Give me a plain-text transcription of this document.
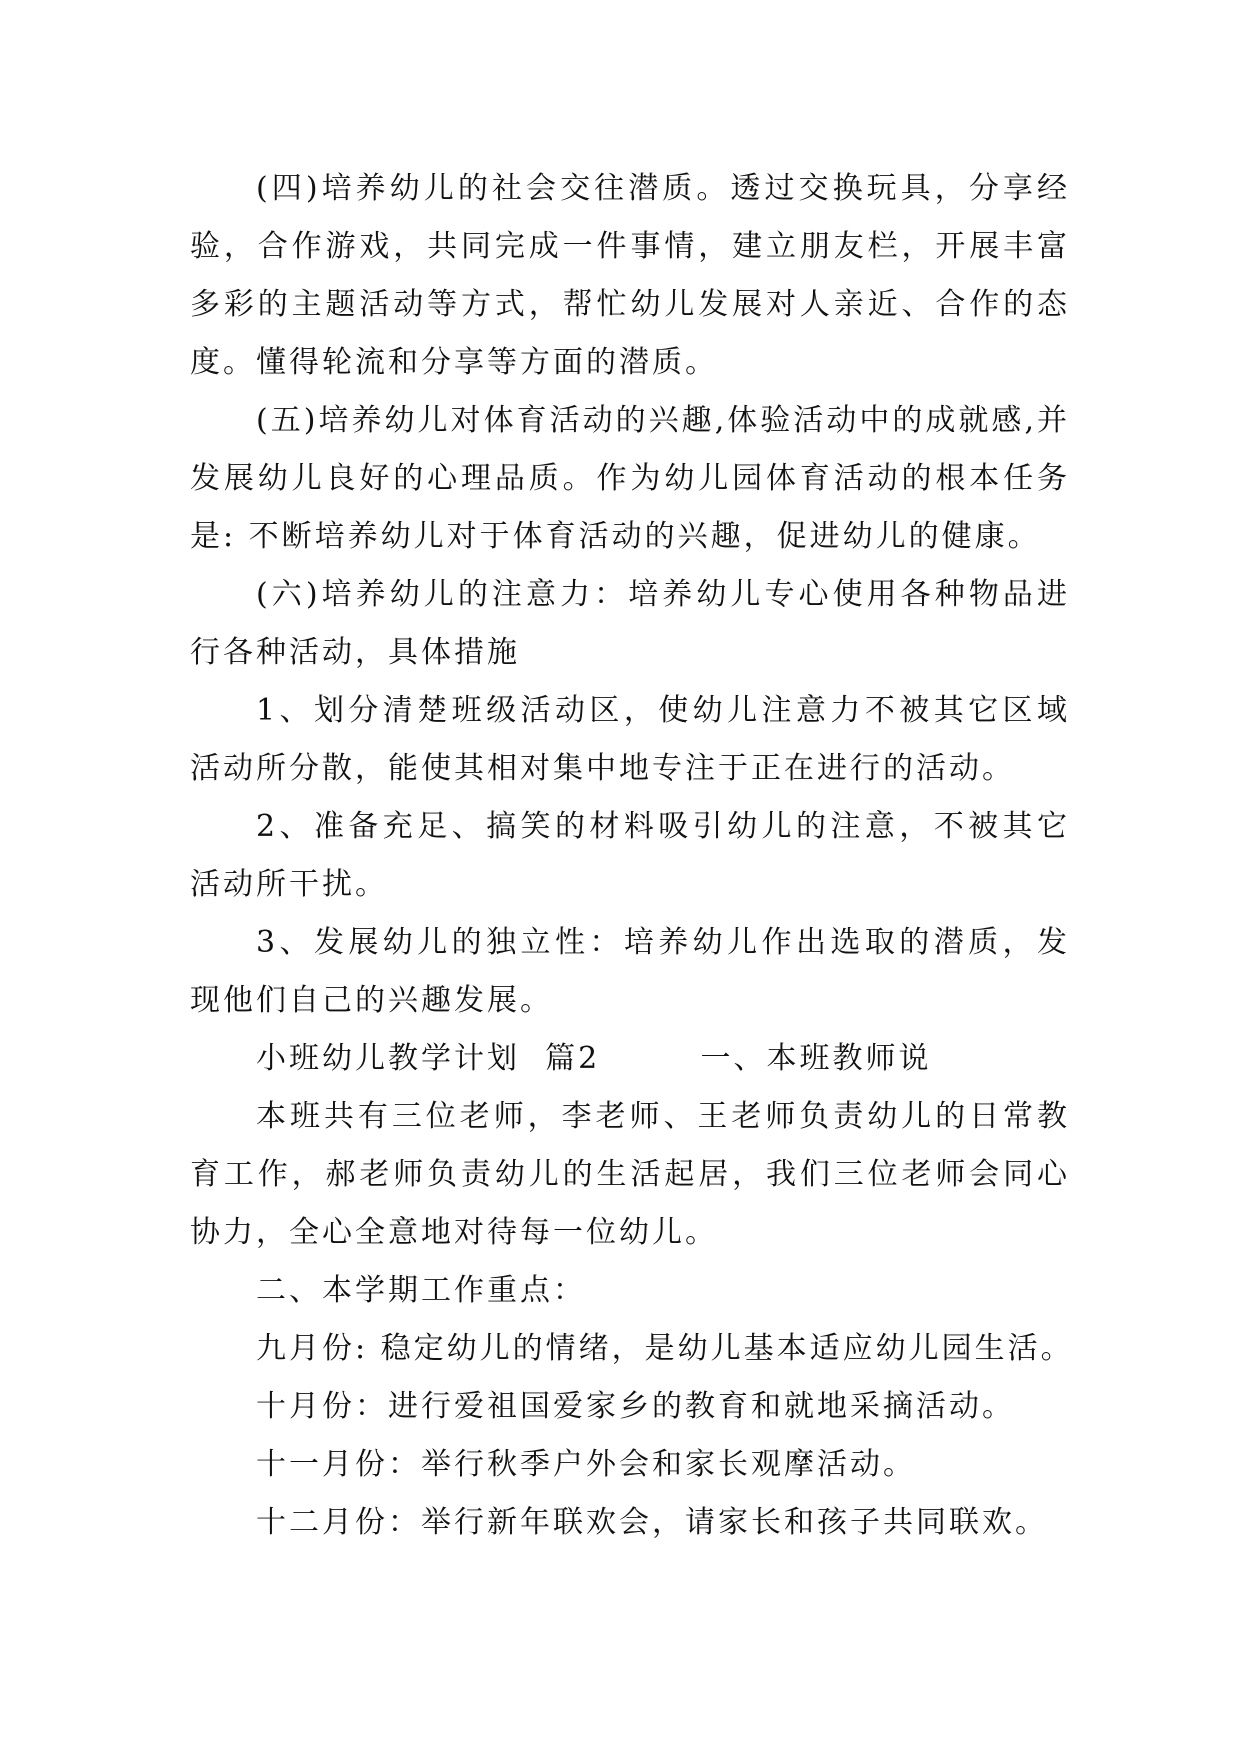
(四)培养幼儿的社会交往潜质。透过交换玩具，分享经验，合作游戏，共同完成一件事情，建立朋友栏，开展丰富多彩的主题活动等方式，帮忙幼儿发展对人亲近、合作的态度。懂得轮流和分享等方面的潜质。

(五)培养幼儿对体育活动的兴趣,体验活动中的成就感,并发展幼儿良好的心理品质。作为幼儿园体育活动的根本任务是: 不断培养幼儿对于体育活动的兴趣，促进幼儿的健康。

(六)培养幼儿的注意力：培养幼儿专心使用各种物品进行各种活动，具体措施

1、划分清楚班级活动区，使幼儿注意力不被其它区域活动所分散，能使其相对集中地专注于正在进行的活动。

2、准备充足、搞笑的材料吸引幼儿的注意，不被其它活动所干扰。

3、发展幼儿的独立性：培养幼儿作出选取的潜质，发现他们自己的兴趣发展。

小班幼儿教学计划  篇2        一、本班教师说

本班共有三位老师，李老师、王老师负责幼儿的日常教育工作，郝老师负责幼儿的生活起居，我们三位老师会同心协力，全心全意地对待每一位幼儿。

二、本学期工作重点：

九月份: 稳定幼儿的情绪，是幼儿基本适应幼儿园生活。

十月份：进行爱祖国爱家乡的教育和就地采摘活动。

十一月份：举行秋季户外会和家长观摩活动。

十二月份：举行新年联欢会，请家长和孩子共同联欢。
